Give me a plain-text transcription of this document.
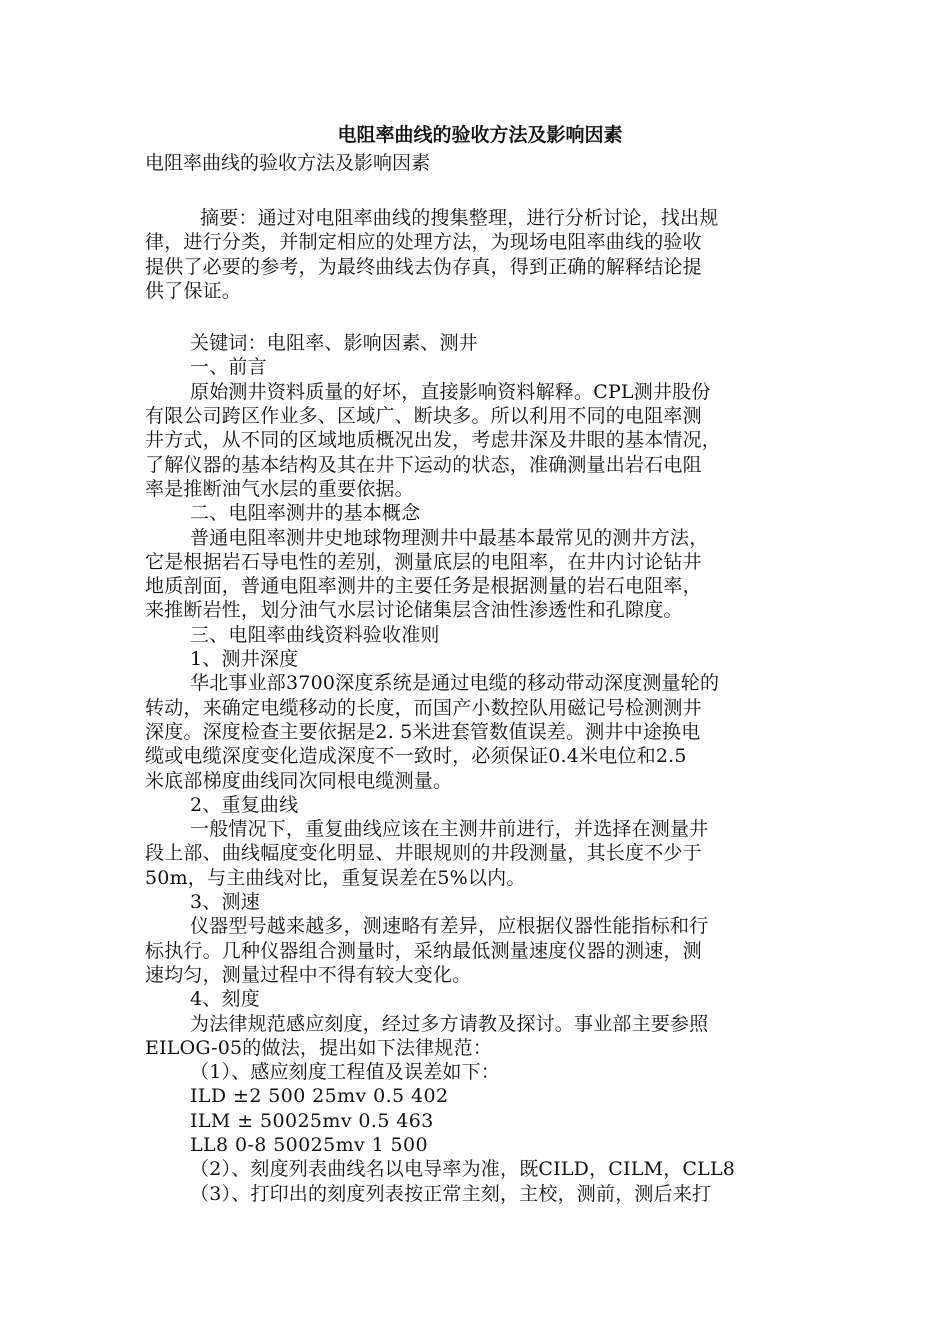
电阻率曲线的验收方法及影响因素

电阻率曲线的验收方法及影响因素

摘要：通过对电阻率曲线的搜集整理，进行分析讨论，找出规

律，进行分类，并制定相应的处理方法，为现场电阻率曲线的验收

提供了必要的参考，为最终曲线去伪存真，得到正确的解释结论提

供了保证。

关键词：电阻率、影响因素、测井

一、前言

原始测井资料质量的好坏，直接影响资料解释。CPL测井股份

有限公司跨区作业多、区域广、断块多。所以利用不同的电阻率测

井方式，从不同的区域地质概况出发，考虑井深及井眼的基本情况，

了解仪器的基本结构及其在井下运动的状态，准确测量出岩石电阻

率是推断油气水层的重要依据。

二、电阻率测井的基本概念

普通电阻率测井史地球物理测井中最基本最常见的测井方法，

它是根据岩石导电性的差别，测量底层的电阻率，在井内讨论钻井

地质剖面，普通电阻率测井的主要任务是根据测量的岩石电阻率，

来推断岩性，划分油气水层讨论储集层含油性渗透性和孔隙度。

三、电阻率曲线资料验收准则

1、测井深度

华北事业部3700深度系统是通过电缆的移动带动深度测量轮的

转动，来确定电缆移动的长度，而国产小数控队用磁记号检测测井

深度。深度检查主要依据是2. 5米进套管数值误差。测井中途换电

缆或电缆深度变化造成深度不一致时，必须保证0.4米电位和2.5

米底部梯度曲线同次同根电缆测量。

2、重复曲线

一般情况下，重复曲线应该在主测井前进行，并选择在测量井

段上部、曲线幅度变化明显、井眼规则的井段测量，其长度不少于

50m，与主曲线对比，重复误差在5%以内。

3、测速

仪器型号越来越多，测速略有差异，应根据仪器性能指标和行

标执行。几种仪器组合测量时，采纳最低测量速度仪器的测速，测

速均匀，测量过程中不得有较大变化。

4、刻度

为法律规范感应刻度，经过多方请教及探讨。事业部主要参照

EILOG-05的做法，提出如下法律规范：

（1）、感应刻度工程值及误差如下：

ILD ±2 500 25mv 0.5 402

ILM ± 50025mv 0.5 463

LL8 0-8 50025mv 1 500

（2）、刻度列表曲线名以电导率为准，既CILD，CILM，CLL8

（3）、打印出的刻度列表按正常主刻，主校，测前，测后来打
